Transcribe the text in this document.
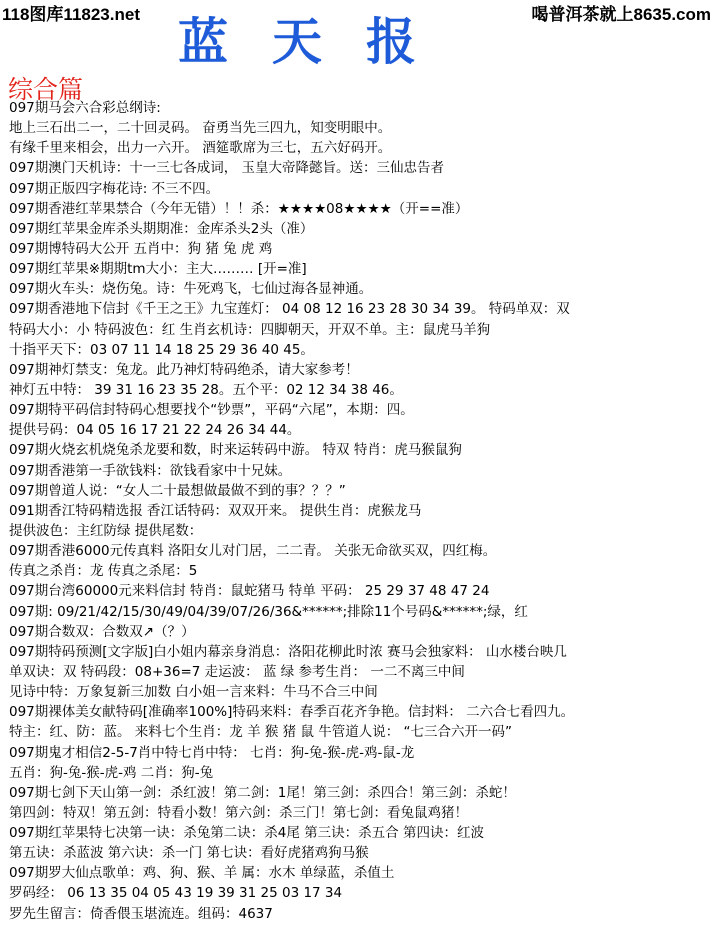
118图库11823.net 蓝天报	喝普洱茶就上8635.com
综合篇
097期马会六合彩总纲诗:
地上三石出二一，二十回灵码。 奋勇当先三四九，知变明眼中。
有缘千里来相会，出力一六开。 酒筵歌席为三七，五六好码开。
097期澳门天机诗：十一三七各成词， 玉皇大帝降懿旨。送：三仙忠告者
097期正版四字梅花诗: 不三不四。
097期香港红苹果禁合（今年无错）！！杀：★★★★08★★★★（开==准）
097期红苹果金库杀头期期准：金库杀头2头（准）
097期博特码大公开 五肖中：狗 猪 兔 虎 鸡
097期红苹果※期期tm大小：主大……… [开=准]
097期火车头：烧伤兔。诗：牛死鸡飞，七仙过海各显神通。
097期香港地下信封《千王之王》九宝莲灯： 04 08 12 16 23 28 30 34 39。 特码单双：双
特码大小：小 特码波色：红 生肖玄机诗：四脚朝天，开双不单。主：鼠虎马羊狗
十指平天下：03 07 11 14 18 25 29 36 40 45。
097期神灯禁支：兔龙。此乃神灯特码绝杀，请大家参考！
神灯五中特： 39 31 16 23 35 28。五个平：02 12 34 38 46。
097期特平码信封特码心想要找个“钞票”，平码“六尾”，本期：四。
提供号码：04 05 16 17 21 22 24 26 34 44。
097期火烧玄机烧兔杀龙要和数，时来运转码中游。 特双 特肖：虎马猴鼠狗
097期香港第一手欲钱料：欲钱看家中十兄妹。
097期曾道人说：“女人二十最想做最做不到的事？？？”
091期香江特码精选报 香江话特码：双双开来。 提供生肖：虎猴龙马
提供波色：主红防绿 提供尾数：
097期香港6000元传真料 洛阳女儿对门居，二二青。 关张无命欲买双，四红梅。
传真之杀肖：龙 传真之杀尾：5
097期台湾60000元来料信封 特肖：鼠蛇猪马 特单 平码： 25 29 37 48 47 24
097期: 09/21/42/15/30/49/04/39/07/26/36&******;排除11个号码&******;绿，红
097期合数双：合数双↗（？）
097期特码预测[文字版]白小姐内幕亲身消息：洛阳花柳此时浓 赛马会独家料： 山水楼台映几
单双诀：双 特码段：08+36=7 走运波： 蓝 绿 参考生肖： 一二不离三中间
见诗中特：万象复新三加数 白小姐一言来料：牛马不合三中间
097期裸体美女献特码[准确率100%]特码来料：春季百花齐争艳。信封料： 二六合七看四九。
特主：红、防：蓝。 来料七个生肖：龙 羊 猴 猪 鼠 牛管道人说： “七三合六开一码”
097期鬼才相信2-5-7肖中特七肖中特： 七肖：狗-兔-猴-虎-鸡-鼠-龙
五肖：狗-兔-猴-虎-鸡 二肖：狗-兔
097期七剑下天山第一剑：杀红波！第二剑：1尾！第三剑：杀四合！第三剑：杀蛇！
第四剑：特双！第五剑：特看小数！第六剑：杀三门！第七剑：看兔鼠鸡猪！
097期红苹果特七决第一诀：杀兔第二诀：杀4尾 第三诀：杀五合 第四诀：红波
第五诀：杀蓝波 第六诀：杀一门 第七诀：看好虎猪鸡狗马猴
097期罗大仙点歌单：鸡、狗、猴、羊 属：水木 单绿蓝，杀值土
罗码经： 06 13 35 04 05 43 19 39 31 25 03 17 34
罗先生留言：倚香偎玉堪流连。组码：4637
